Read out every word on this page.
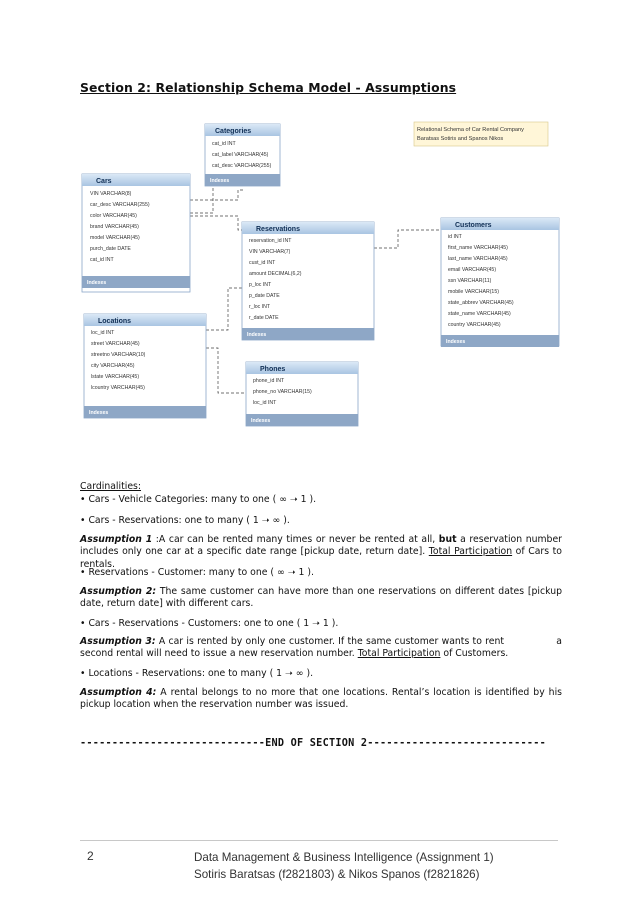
Section 2: Relationship Schema Model - Assumptions
Categories
cat_id INT
cat_label VARCHAR(45)
cat_desc VARCHAR(255)
Indexes
Cars
VIN VARCHAR(8)
car_desc VARCHAR(255)
color VARCHAR(45)
brand VARCHAR(45)
model VARCHAR(45)
purch_date DATE
cat_id INT
Indexes
Reservations
reservation_id INT
VIN VARCHAR(7)
cust_id INT
amount DECIMAL(6,2)
p_loc INT
p_date DATE
r_loc INT
r_date DATE
Indexes
Customers
id INT
first_name VARCHAR(45)
last_name VARCHAR(45)
email VARCHAR(45)
ssn VARCHAR(11)
mobile VARCHAR(15)
state_abbrev VARCHAR(45)
state_name VARCHAR(45)
country VARCHAR(45)
Indexes
Locations
loc_id INT
street VARCHAR(45)
streetno VARCHAR(10)
city VARCHAR(45)
lstate VARCHAR(45)
lcountry VARCHAR(45)
Indexes
Phones
phone_id INT
phone_no VARCHAR(15)
loc_id INT
Indexes
Relational Schema of Car Rental Company
Baratsas Sotiris and Spanos Nikos
Cardinalities:
• Cars - Vehicle Categories: many to one ( ∞ ➝ 1 ).
• Cars - Reservations: one to many ( 1 ➝ ∞ ).
Assumption 1 :A car can be rented many times or never be rented at all, but a reservation number includes only one car at a specific date range [pickup date, return date]. Total Participation of Cars to rentals.
• Reservations - Customer: many to one ( ∞ ➝ 1 ).
Assumption 2: The same customer can have more than one reservations on different dates [pickup date, return date] with different cars.
• Cars - Reservations - Customers: one to one ( 1 ➝ 1 ).
Assumption 3: A car is rented by only one customer. If the same customer wants to rent                a second rental will need to issue a new reservation number. Total Participation of Customers.
• Locations - Reservations: one to many ( 1 ➝ ∞ ).
Assumption 4: A rental belongs to no more that one locations. Rental’s location is identified by his pickup location when the reservation number was issued.
-----------------------------END OF SECTION 2----------------------------
2	Data Management & Business Intelligence (Assignment 1)
Sotiris Baratsas (f2821803) & Nikos Spanos (f2821826)
